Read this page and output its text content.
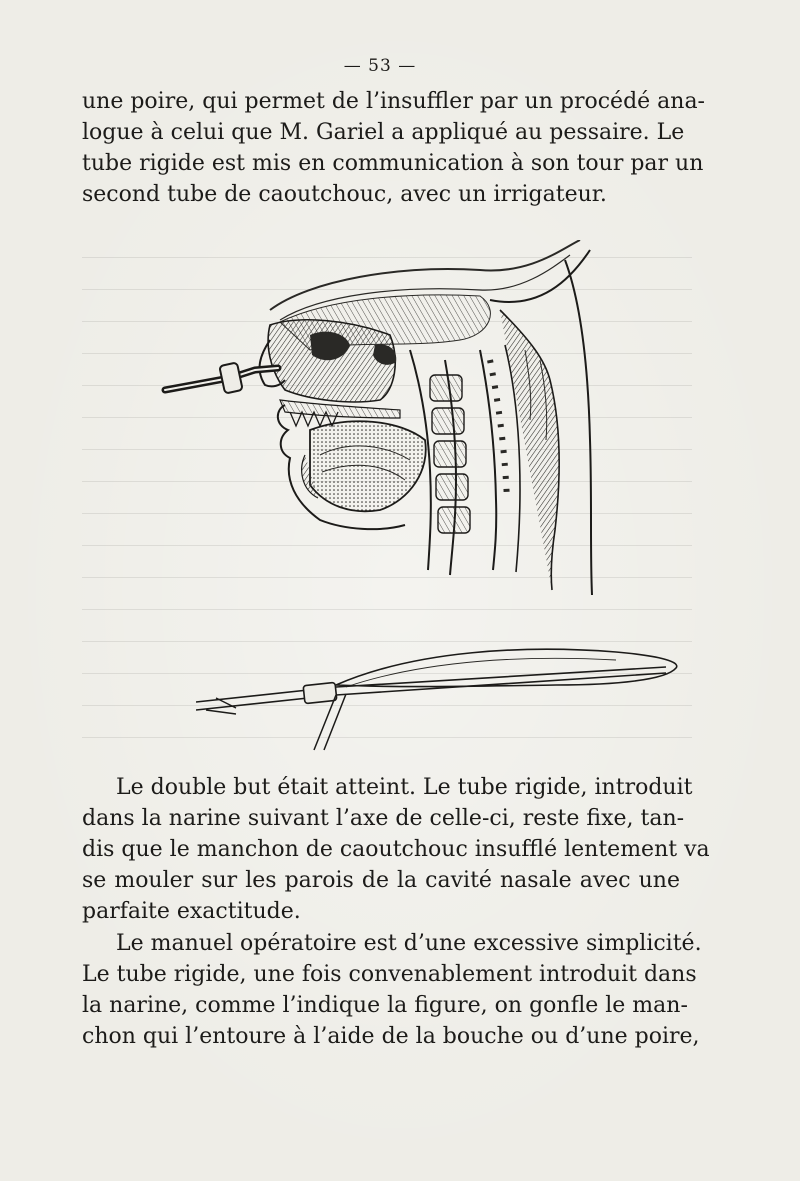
— 53 —
une poire, qui permet de l’insuffler par un procédé ana-
logue à celui que M. Gariel a appliqué au pessaire. Le
tube rigide est mis en communication à son tour par un
second tube de caoutchouc, avec un irrigateur.
Le double but était atteint. Le tube rigide, introduit
dans la narine suivant l’axe de celle-ci, reste fixe, tan-
dis que le manchon de caoutchouc insufflé lentement va
se mouler sur les parois de la cavité nasale avec une
parfaite exactitude.
Le manuel opératoire est d’une excessive simplicité.
Le tube rigide, une fois convenablement introduit dans
la narine, comme l’indique la figure, on gonfle le man-
chon qui l’entoure à l’aide de la bouche ou d’une poire,
